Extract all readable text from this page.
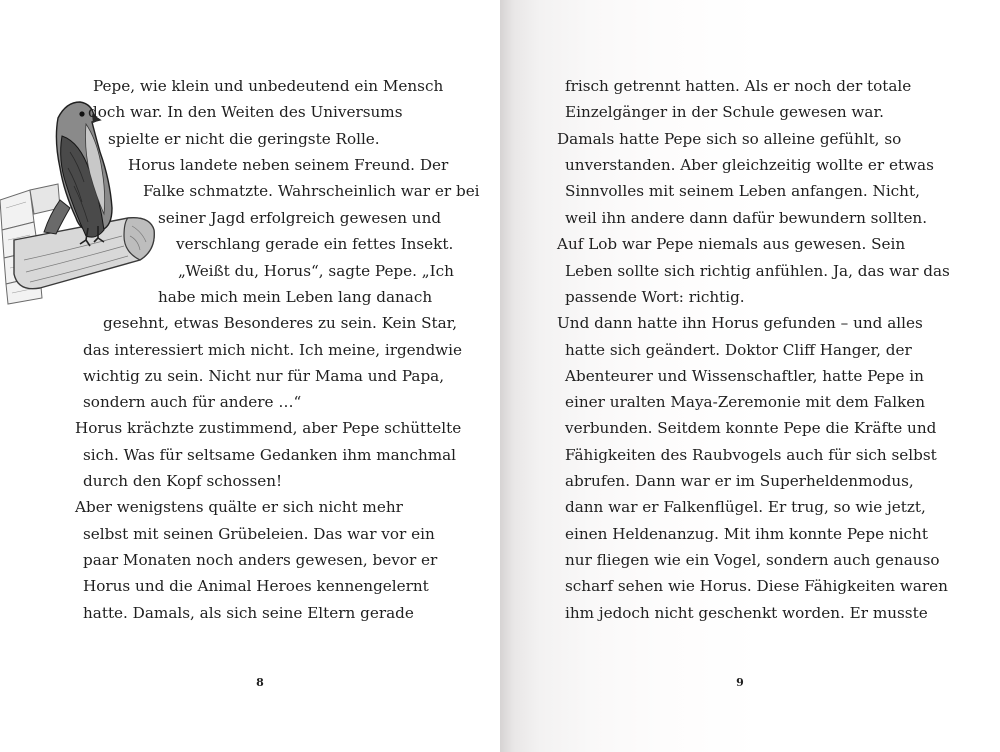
Pepe, wie klein und unbedeutend ein Mensch
doch war. In den Weiten des Universums
spielte er nicht die geringste Rolle.
Horus landete neben seinem Freund. Der
Falke schmatzte. Wahrscheinlich war er bei
seiner Jagd erfolgreich gewesen und
verschlang gerade ein fettes Insekt.
„Weißt du, Horus“, sagte Pepe. „Ich
habe mich mein Leben lang danach
gesehnt, etwas Besonderes zu sein. Kein Star,
das interessiert mich nicht. Ich meine, irgendwie
wichtig zu sein. Nicht nur für Mama und Papa,
sondern auch für andere …“
Horus krächzte zustimmend, aber Pepe schüttelte
sich. Was für seltsame Gedanken ihm manchmal
durch den Kopf schossen!
Aber wenigstens quälte er sich nicht mehr
selbst mit seinen Grübeleien. Das war vor ein
paar Monaten noch anders gewesen, bevor er
Horus und die Animal Heroes kennengelernt
hatte. Damals, als sich seine Eltern gerade
8
frisch getrennt hatten. Als er noch der totale
Einzelgänger in der Schule gewesen war.
Damals hatte Pepe sich so alleine gefühlt, so
unverstanden. Aber gleichzeitig wollte er etwas
Sinnvolles mit seinem Leben anfangen. Nicht,
weil ihn andere dann dafür bewundern sollten.
Auf Lob war Pepe niemals aus gewesen. Sein
Leben sollte sich richtig anfühlen. Ja, das war das
passende Wort: richtig.
Und dann hatte ihn Horus gefunden – und alles
hatte sich geändert. Doktor Cliff Hanger, der
Abenteurer und Wissenschaftler, hatte Pepe in
einer uralten Maya-Zeremonie mit dem Falken
verbunden. Seitdem konnte Pepe die Kräfte und
Fähigkeiten des Raubvogels auch für sich selbst
abrufen. Dann war er im Superheldenmodus,
dann war er Falkenflügel. Er trug, so wie jetzt,
einen Heldenanzug. Mit ihm konnte Pepe nicht
nur fliegen wie ein Vogel, sondern auch genauso
scharf sehen wie Horus. Diese Fähigkeiten waren
ihm jedoch nicht geschenkt worden. Er musste
9
